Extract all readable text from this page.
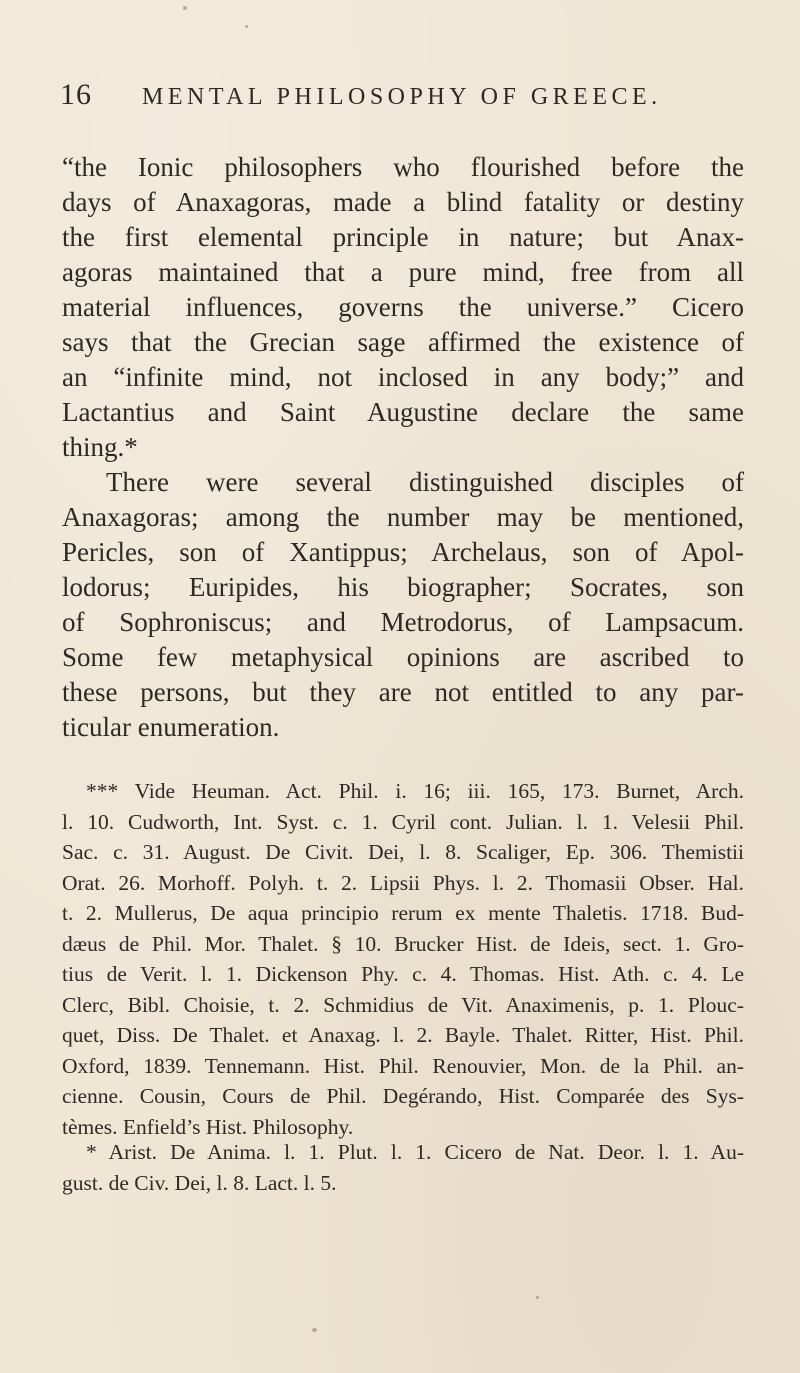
16 MENTAL PHILOSOPHY OF GREECE.
“the Ionic philosophers who flourished before the
days of Anaxagoras, made a blind fatality or destiny
the first elemental principle in nature; but Anax-
agoras maintained that a pure mind, free from all
material influences, governs the universe.” Cicero
says that the Grecian sage affirmed the existence of
an “infinite mind, not inclosed in any body;” and
Lactantius and Saint Augustine declare the same
thing.*
There were several distinguished disciples of
Anaxagoras; among the number may be mentioned,
Pericles, son of Xantippus; Archelaus, son of Apol-
lodorus; Euripides, his biographer; Socrates, son
of Sophroniscus; and Metrodorus, of Lampsacum.
Some few metaphysical opinions are ascribed to
these persons, but they are not entitled to any par-
ticular enumeration.
*** Vide Heuman. Act. Phil. i. 16; iii. 165, 173. Burnet, Arch.
l. 10. Cudworth, Int. Syst. c. 1. Cyril cont. Julian. l. 1. Velesii Phil.
Sac. c. 31. August. De Civit. Dei, l. 8. Scaliger, Ep. 306. Themistii
Orat. 26. Morhoff. Polyh. t. 2. Lipsii Phys. l. 2. Thomasii Obser. Hal.
t. 2. Mullerus, De aqua principio rerum ex mente Thaletis. 1718. Bud-
dæus de Phil. Mor. Thalet. § 10. Brucker Hist. de Ideis, sect. 1. Gro-
tius de Verit. l. 1. Dickenson Phy. c. 4. Thomas. Hist. Ath. c. 4. Le
Clerc, Bibl. Choisie, t. 2. Schmidius de Vit. Anaximenis, p. 1. Plouc-
quet, Diss. De Thalet. et Anaxag. l. 2. Bayle. Thalet. Ritter, Hist. Phil.
Oxford, 1839. Tennemann. Hist. Phil. Renouvier, Mon. de la Phil. an-
cienne. Cousin, Cours de Phil. Degérando, Hist. Comparée des Sys-
tèmes. Enfield’s Hist. Philosophy.
* Arist. De Anima. l. 1. Plut. l. 1. Cicero de Nat. Deor. l. 1. Au-
gust. de Civ. Dei, l. 8. Lact. l. 5.
